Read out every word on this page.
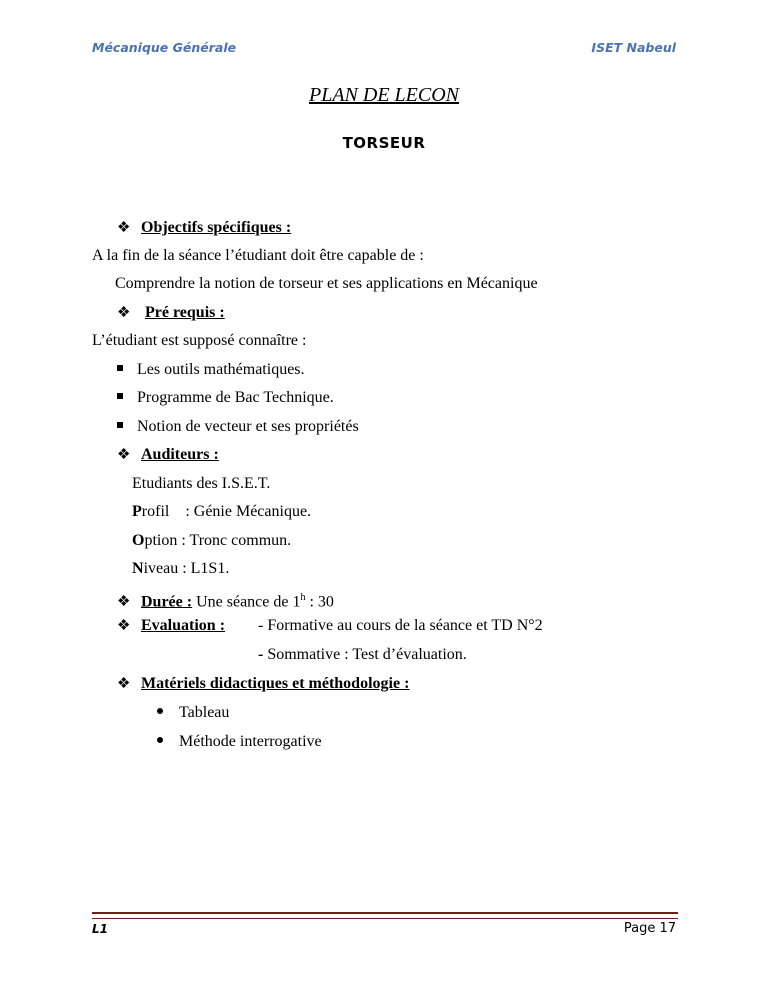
Mécanique Générale	ISET Nabeul
PLAN DE LECON
TORSEUR
❖ Objectifs spécifiques :
A la fin de la séance l’étudiant doit être capable de :
Comprendre la notion de torseur et ses applications en Mécanique
❖ Pré requis :
L’étudiant est supposé connaître :
Les outils mathématiques.
Programme de Bac Technique.
Notion de vecteur et ses propriétés
❖ Auditeurs :
Etudiants des I.S.E.T.
Profil    : Génie Mécanique.
Option : Tronc commun.
Niveau : L1S1.
❖ Durée : Une séance de 1$^h$ : 30
❖ Evaluation : - Formative au cours de la séance et TD N°2
- Sommative : Test d’évaluation.
❖ Matériels didactiques et méthodologie :
Tableau
Méthode interrogative
L1	Page 17
